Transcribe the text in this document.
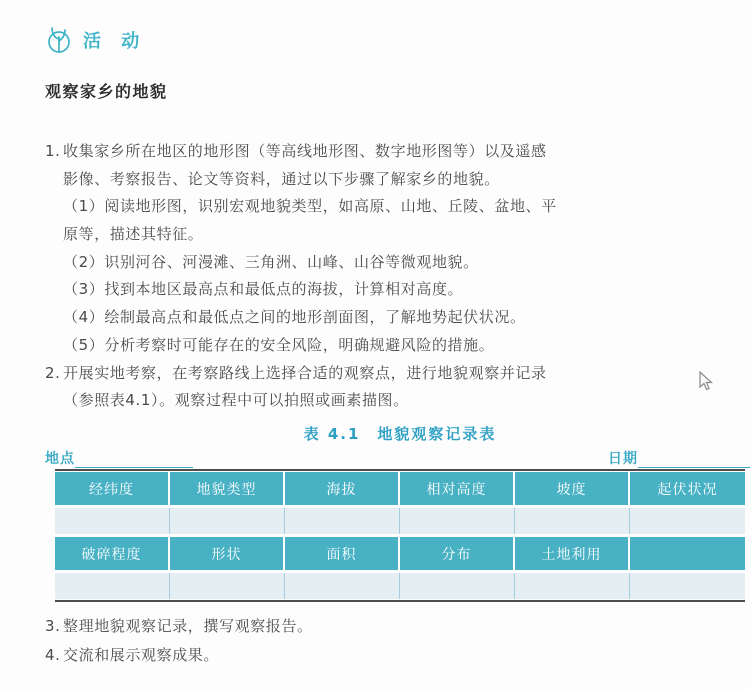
活 动
观察家乡的地貌
1. 收集家乡所在地区的地形图（等高线地形图、数字地形图等）以及遥感
影像、考察报告、论文等资料，通过以下步骤了解家乡的地貌。
（1）阅读地形图，识别宏观地貌类型，如高原、山地、丘陵、盆地、平
原等，描述其特征。
（2）识别河谷、河漫滩、三角洲、山峰、山谷等微观地貌。
（3）找到本地区最高点和最低点的海拔，计算相对高度。
（4）绘制最高点和最低点之间的地形剖面图，了解地势起伏状况。
（5）分析考察时可能存在的安全风险，明确规避风险的措施。
2. 开展实地考察，在考察路线上选择合适的观察点，进行地貌观察并记录
（参照表4.1）。观察过程中可以拍照或画素描图。
表 4.1　地貌观察记录表
地点	日期
经纬度	地貌类型	海拔	相对高度	坡度	起伏状况
破碎程度	形状	面积	分布	土地利用
3. 整理地貌观察记录，撰写观察报告。
4. 交流和展示观察成果。
